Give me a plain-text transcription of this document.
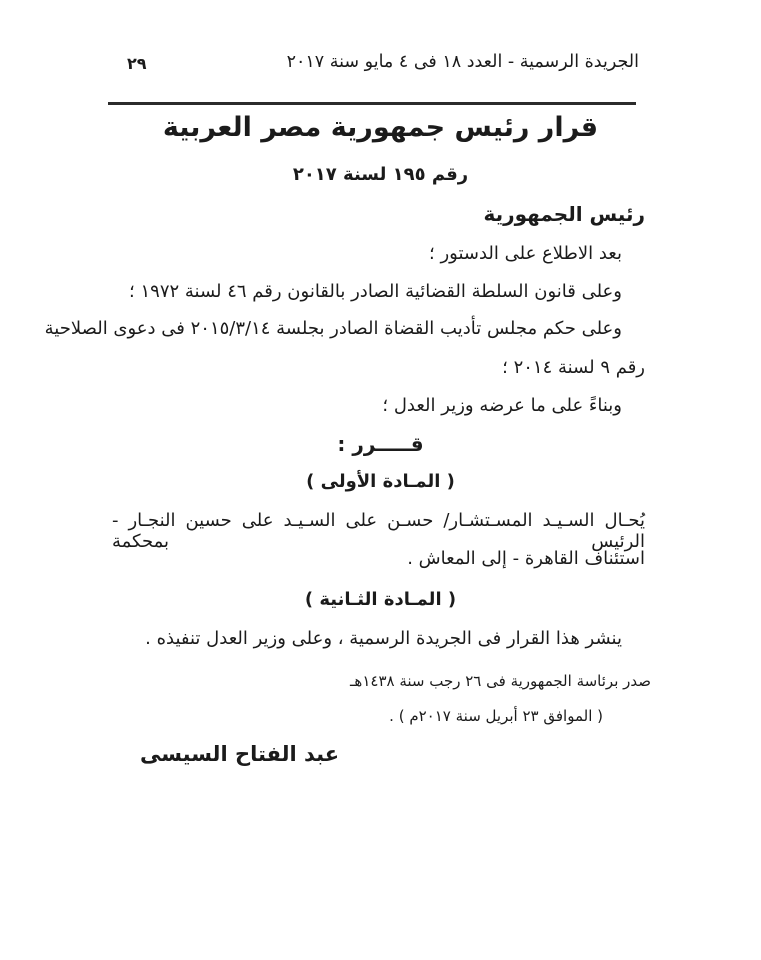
الجريدة الرسمية - العدد ١٨ فى ٤ مايو سنة ٢٠١٧
٢٩
قرار رئيس جمهورية مصر العربية
رقم ١٩٥ لسنة ٢٠١٧
رئيس الجمهورية
بعد الاطلاع على الدستور ؛
وعلى قانون السلطة القضائية الصادر بالقانون رقم ٤٦ لسنة ١٩٧٢ ؛
وعلى حكم مجلس تأديب القضاة الصادر بجلسة ٢٠١٥/٣/١٤ فى دعوى الصلاحية
رقم ٩ لسنة ٢٠١٤ ؛
وبناءً على ما عرضه وزير العدل ؛
قـــــرر :
( المـادة الأولى )
يُحـال السـيـد المسـتشـار/ حسـن على السـيـد على حسين النجـار - الرئيس بمحكمة
استئناف القاهرة - إلى المعاش .
( المـادة الثـانية )
ينشر هذا القرار فى الجريدة الرسمية ، وعلى وزير العدل تنفيذه .
صدر برئاسة الجمهورية فى ٢٦ رجب سنة ١٤٣٨هـ
( الموافق ٢٣ أبريل سنة ٢٠١٧م ) .
عبد الفتاح السيسى
